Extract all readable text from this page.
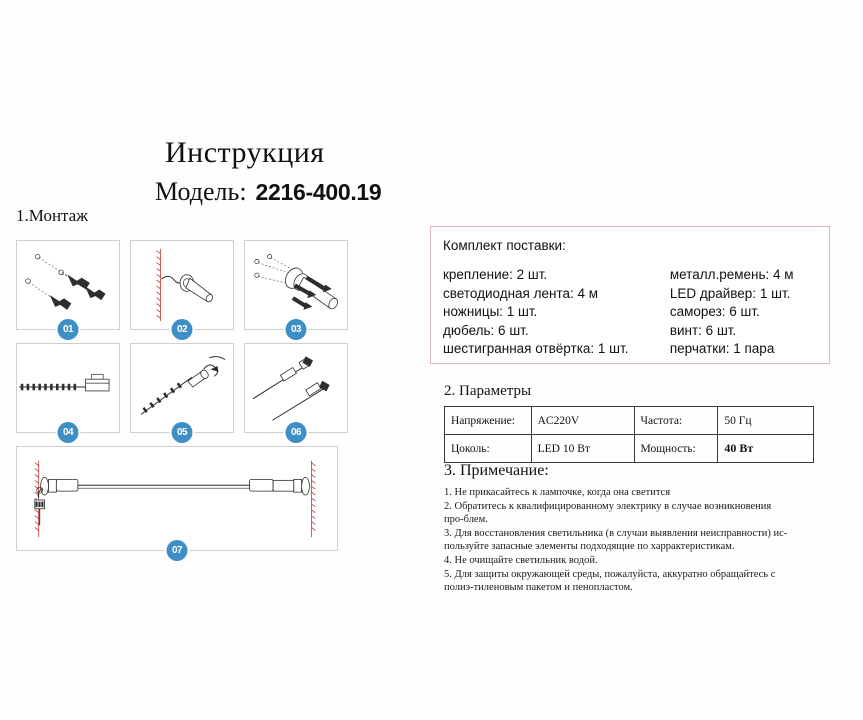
Инструкция
Модель: 2216-400.19
1.Монтаж
01	02	03
04	05	06
07
Комплект поставки:
крепление: 2 шт.
светодиодная лента: 4 м
ножницы: 1 шт.
дюбель: 6 шт.
шестигранная отвёртка: 1 шт.
металл.ремень: 4 м
LED драйвер: 1 шт.
саморез: 6 шт.
винт: 6 шт.
перчатки: 1 пара
2. Параметры
Напряжение:	AC220V	Частота:	50 Гц
Цоколь:	LED 10 Вт	Мощность:	40 Вт
3. Примечание:
1. Не прикасайтесь к лампочке, когда она светится
2. Обратитесь к квалифицированному электрику в случае возникновения про-блем.
3. Для восстановления светильника (в случаи выявления неисправности) ис-пользуйте запасные элементы подходящие по харрактеристикам.
4. Не очищайте светильник водой.
5. Для защиты окружающей среды, пожалуйста, аккуратно обращайтесь с полиэ-тиленовым пакетом и пенопластом.
